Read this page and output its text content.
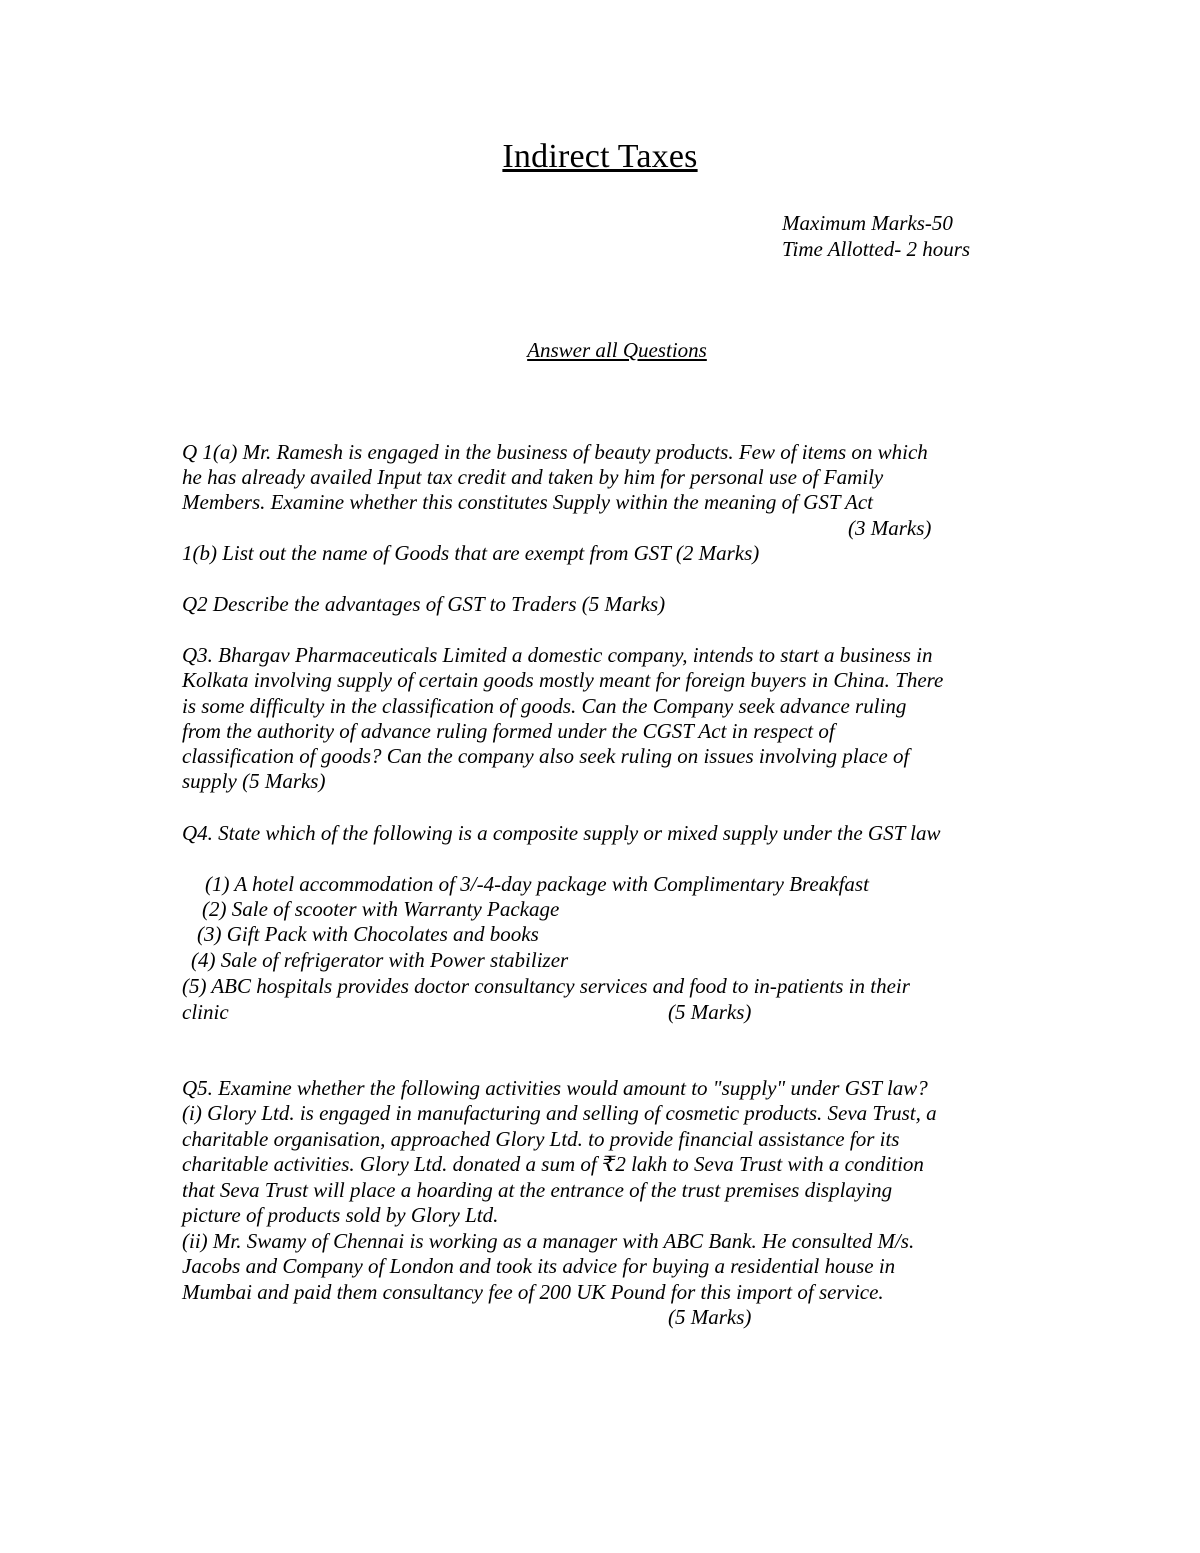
Indirect Taxes
Maximum Marks-50
Time Allotted- 2 hours
Answer all Questions
Q 1(a) Mr. Ramesh is engaged in the business of beauty products. Few of items on which
he has already availed Input tax credit and taken by him for personal use of Family
Members. Examine whether this constitutes Supply within the meaning of GST Act
(3 Marks)
1(b) List out the name of Goods that are exempt from GST (2 Marks)
Q2 Describe the advantages of GST to Traders (5 Marks)
Q3. Bhargav Pharmaceuticals Limited a domestic company, intends to start a business in
Kolkata involving supply of certain goods mostly meant for foreign buyers in China. There
is some difficulty in the classification of goods. Can the Company seek advance ruling
from the authority of advance ruling formed under the CGST Act in respect of
classification of goods? Can the company also seek ruling on issues involving place of
supply (5 Marks)
Q4. State which of the following is a composite supply or mixed supply under the GST law
(1) A hotel accommodation of 3/-4-day package with Complimentary Breakfast
(2) Sale of scooter with Warranty Package
(3) Gift Pack with Chocolates and books
(4) Sale of refrigerator with Power stabilizer
(5) ABC hospitals provides doctor consultancy services and food to in-patients in their
clinic	(5 Marks)
Q5. Examine whether the following activities would amount to "supply" under GST law?
(i) Glory Ltd. is engaged in manufacturing and selling of cosmetic products. Seva Trust, a
charitable organisation, approached Glory Ltd. to provide financial assistance for its
charitable activities. Glory Ltd. donated a sum of ₹2 lakh to Seva Trust with a condition
that Seva Trust will place a hoarding at the entrance of the trust premises displaying
picture of products sold by Glory Ltd.
(ii) Mr. Swamy of Chennai is working as a manager with ABC Bank. He consulted M/s.
Jacobs and Company of London and took its advice for buying a residential house in
Mumbai and paid them consultancy fee of 200 UK Pound for this import of service.
(5 Marks)
